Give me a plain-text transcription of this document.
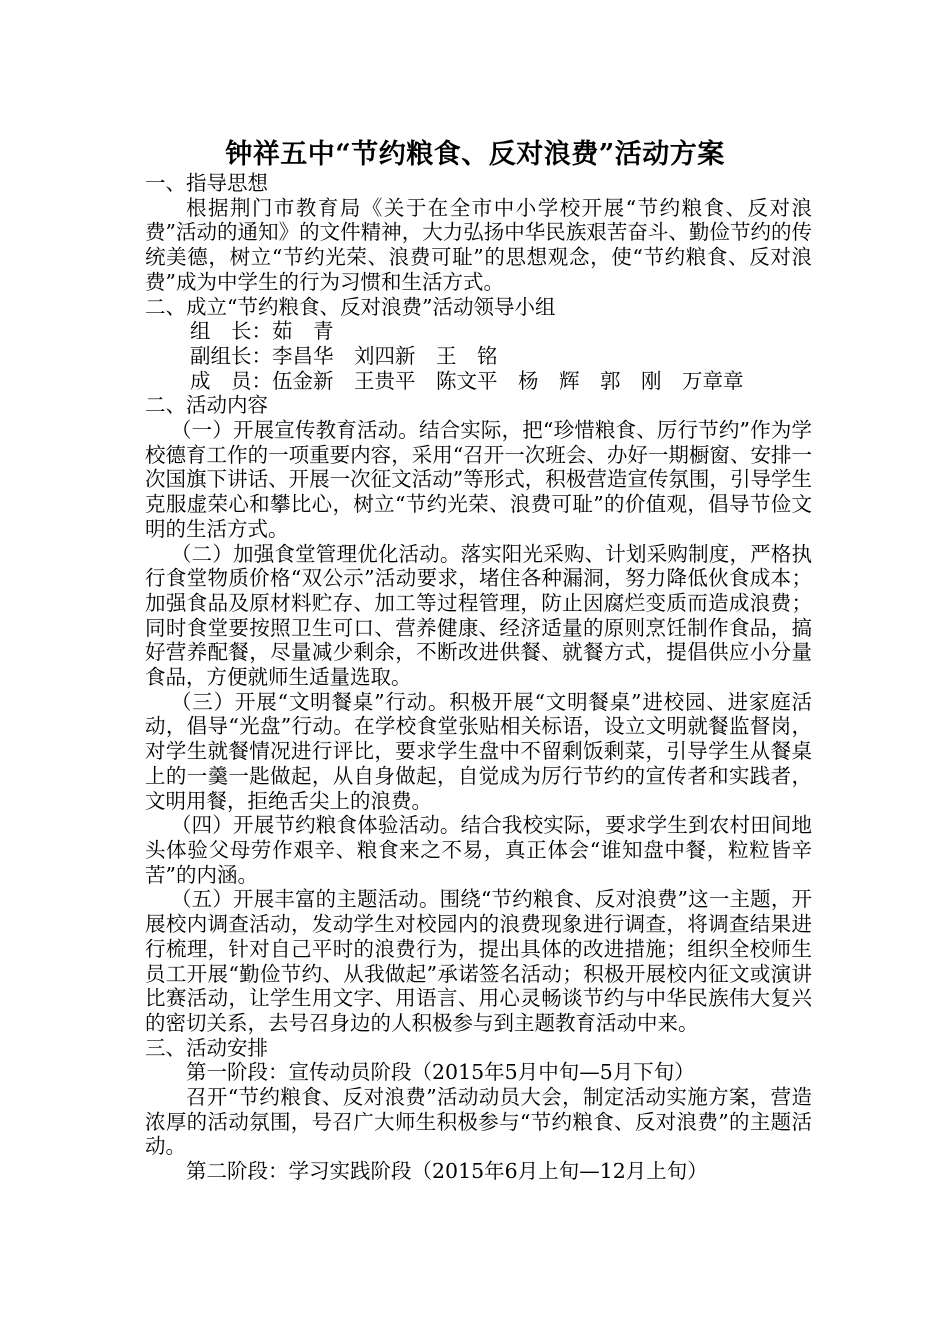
钟祥五中“节约粮食、反对浪费”活动方案

一、指导思想

根据荆门市教育局《关于在全市中小学校开展“节约粮食、反对浪费”活动的通知》的文件精神，大力弘扬中华民族艰苦奋斗、勤俭节约的传统美德，树立“节约光荣、浪费可耻”的思想观念，使“节约粮食、反对浪费”成为中学生的行为习惯和生活方式。

二、成立“节约粮食、反对浪费”活动领导小组

组　长：茹　青

副组长：李昌华　刘四新　王　铭

成　员：伍金新　王贵平　陈文平　杨　辉　郭　刚　万章章

二、活动内容

（一）开展宣传教育活动。结合实际，把“珍惜粮食、厉行节约”作为学校德育工作的一项重要内容，采用“召开一次班会、办好一期橱窗、安排一次国旗下讲话、开展一次征文活动”等形式，积极营造宣传氛围，引导学生克服虚荣心和攀比心，树立“节约光荣、浪费可耻”的价值观，倡导节俭文明的生活方式。

（二）加强食堂管理优化活动。落实阳光采购、计划采购制度，严格执行食堂物质价格“双公示”活动要求，堵住各种漏洞，努力降低伙食成本；加强食品及原材料贮存、加工等过程管理，防止因腐烂变质而造成浪费；同时食堂要按照卫生可口、营养健康、经济适量的原则烹饪制作食品，搞好营养配餐，尽量减少剩余，不断改进供餐、就餐方式，提倡供应小分量食品，方便就师生适量选取。

（三）开展“文明餐桌”行动。积极开展“文明餐桌”进校园、进家庭活动，倡导“光盘”行动。在学校食堂张贴相关标语，设立文明就餐监督岗，对学生就餐情况进行评比，要求学生盘中不留剩饭剩菜，引导学生从餐桌上的一羹一匙做起，从自身做起，自觉成为厉行节约的宣传者和实践者，文明用餐，拒绝舌尖上的浪费。

（四）开展节约粮食体验活动。结合我校实际，要求学生到农村田间地头体验父母劳作艰辛、粮食来之不易，真正体会“谁知盘中餐，粒粒皆辛苦”的内涵。

（五）开展丰富的主题活动。围绕“节约粮食、反对浪费”这一主题，开展校内调查活动，发动学生对校园内的浪费现象进行调查，将调查结果进行梳理，针对自己平时的浪费行为，提出具体的改进措施；组织全校师生员工开展“勤俭节约、从我做起”承诺签名活动；积极开展校内征文或演讲比赛活动，让学生用文字、用语言、用心灵畅谈节约与中华民族伟大复兴的密切关系，去号召身边的人积极参与到主题教育活动中来。

三、活动安排

第一阶段：宣传动员阶段（2015年5月中旬—5月下旬）

召开“节约粮食、反对浪费”活动动员大会，制定活动实施方案，营造浓厚的活动氛围，号召广大师生积极参与“节约粮食、反对浪费”的主题活动。

第二阶段：学习实践阶段（2015年6月上旬—12月上旬）
